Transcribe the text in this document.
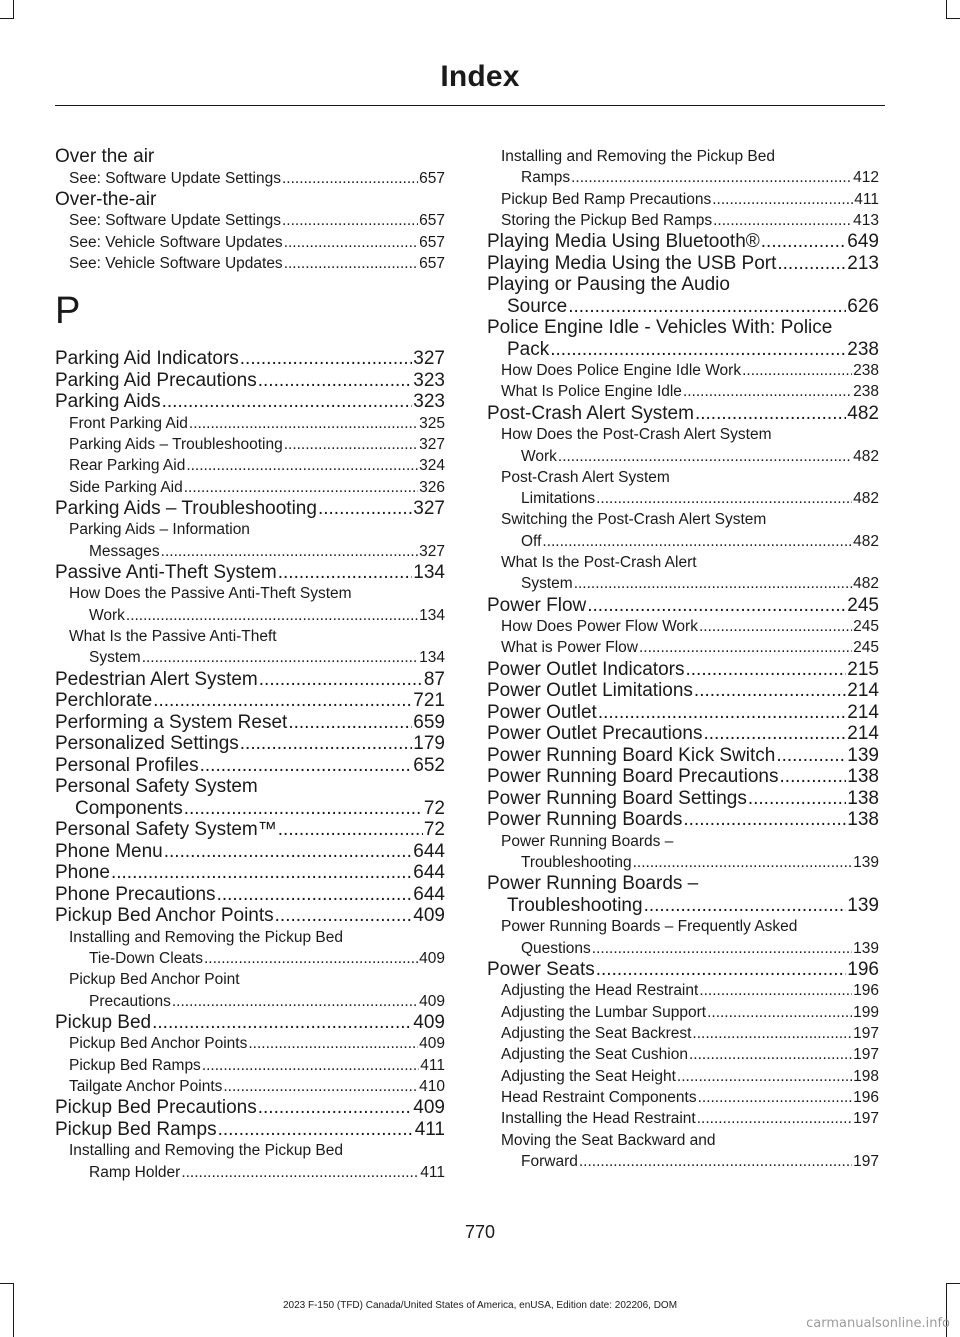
Index
Over the air
See: Software Update Settings .....	657
Over-the-air
See: Software Update Settings .....	657
See: Vehicle Software Updates .....	657
See: Vehicle Software Updates .....	657
P
Parking Aid Indicators .....	327
Parking Aid Precautions .....	323
Parking Aids .....	323
Front Parking Aid .....	325
Parking Aids – Troubleshooting .....	327
Rear Parking Aid .....	324
Side Parking Aid .....	326
Parking Aids – Troubleshooting .....	327
Parking Aids – Information
Messages .....	327
Passive Anti-Theft System .....	134
How Does the Passive Anti-Theft System
Work .....	134
What Is the Passive Anti-Theft
System .....	134
Pedestrian Alert System .....	87
Perchlorate .....	721
Performing a System Reset .....	659
Personalized Settings .....	179
Personal Profiles .....	652
Personal Safety System
Components .....	72
Personal Safety System™ .....	72
Phone Menu .....	644
Phone .....	644
Phone Precautions .....	644
Pickup Bed Anchor Points .....	409
Installing and Removing the Pickup Bed
Tie-Down Cleats .....	409
Pickup Bed Anchor Point
Precautions .....	409
Pickup Bed .....	409
Pickup Bed Anchor Points .....	409
Pickup Bed Ramps .....	411
Tailgate Anchor Points .....	410
Pickup Bed Precautions .....	409
Pickup Bed Ramps .....	411
Installing and Removing the Pickup Bed
Ramp Holder .....	411
Installing and Removing the Pickup Bed
Ramps .....	412
Pickup Bed Ramp Precautions .....	411
Storing the Pickup Bed Ramps .....	413
Playing Media Using Bluetooth® .....	649
Playing Media Using the USB Port .....	213
Playing or Pausing the Audio
Source .....	626
Police Engine Idle - Vehicles With: Police
Pack .....	238
How Does Police Engine Idle Work .....	238
What Is Police Engine Idle .....	238
Post-Crash Alert System .....	482
How Does the Post-Crash Alert System
Work .....	482
Post-Crash Alert System
Limitations .....	482
Switching the Post-Crash Alert System
Off .....	482
What Is the Post-Crash Alert
System .....	482
Power Flow .....	245
How Does Power Flow Work .....	245
What is Power Flow .....	245
Power Outlet Indicators .....	215
Power Outlet Limitations .....	214
Power Outlet .....	214
Power Outlet Precautions .....	214
Power Running Board Kick Switch .....	139
Power Running Board Precautions .....	138
Power Running Board Settings .....	138
Power Running Boards .....	138
Power Running Boards –
Troubleshooting .....	139
Power Running Boards –
Troubleshooting .....	139
Power Running Boards – Frequently Asked
Questions .....	139
Power Seats .....	196
Adjusting the Head Restraint .....	196
Adjusting the Lumbar Support .....	199
Adjusting the Seat Backrest .....	197
Adjusting the Seat Cushion .....	197
Adjusting the Seat Height .....	198
Head Restraint Components .....	196
Installing the Head Restraint .....	197
Moving the Seat Backward and
Forward .....	197
770
2023 F-150 (TFD) Canada/United States of America, enUSA, Edition date: 202206, DOM
carmanualsonline.info
